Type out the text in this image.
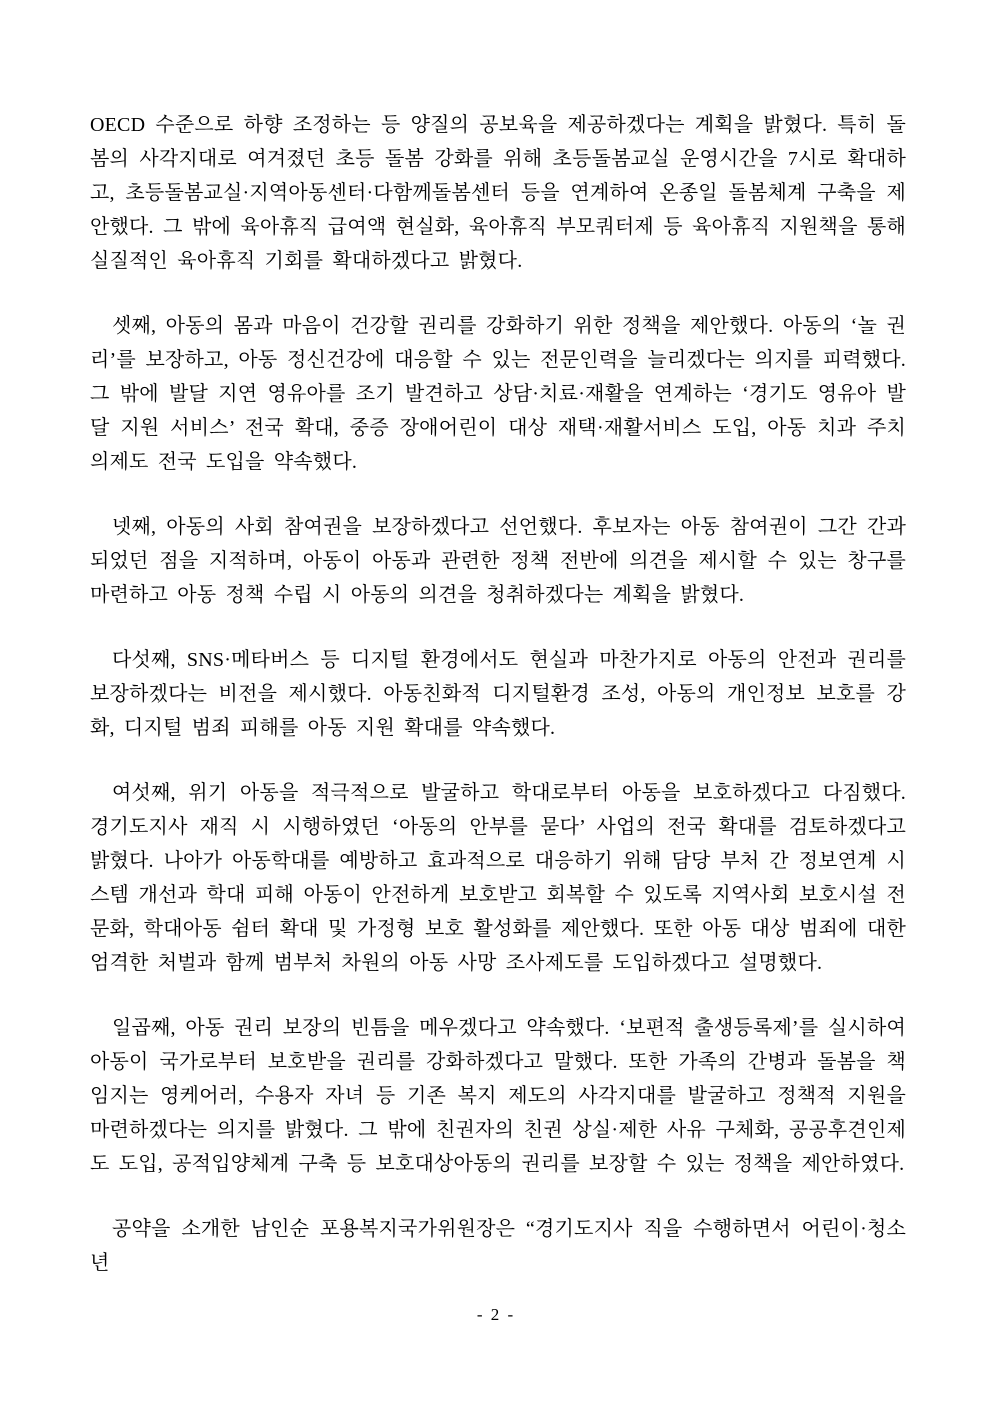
OECD 수준으로 하향 조정하는 등 양질의 공보육을 제공하겠다는 계획을 밝혔다. 특히 돌봄의 사각지대로 여겨졌던 초등 돌봄 강화를 위해 초등돌봄교실 운영시간을 7시로 확대하고, 초등돌봄교실·지역아동센터·다함께돌봄센터 등을 연계하여 온종일 돌봄체계 구축을 제안했다. 그 밖에 육아휴직 급여액 현실화, 육아휴직 부모쿼터제 등 육아휴직 지원책을 통해 실질적인 육아휴직 기회를 확대하겠다고 밝혔다.

셋째, 아동의 몸과 마음이 건강할 권리를 강화하기 위한 정책을 제안했다. 아동의 ‘놀 권리’를 보장하고, 아동 정신건강에 대응할 수 있는 전문인력을 늘리겠다는 의지를 피력했다. 그 밖에 발달 지연 영유아를 조기 발견하고 상담·치료·재활을 연계하는 ‘경기도 영유아 발달 지원 서비스’ 전국 확대, 중증 장애어린이 대상 재택·재활서비스 도입, 아동 치과 주치의제도 전국 도입을 약속했다.

넷째, 아동의 사회 참여권을 보장하겠다고 선언했다. 후보자는 아동 참여권이 그간 간과되었던 점을 지적하며, 아동이 아동과 관련한 정책 전반에 의견을 제시할 수 있는 창구를 마련하고 아동 정책 수립 시 아동의 의견을 청취하겠다는 계획을 밝혔다.

다섯째, SNS·메타버스 등 디지털 환경에서도 현실과 마찬가지로 아동의 안전과 권리를 보장하겠다는 비전을 제시했다. 아동친화적 디지털환경 조성, 아동의 개인정보 보호를 강화, 디지털 범죄 피해를 아동 지원 확대를 약속했다.

여섯째, 위기 아동을 적극적으로 발굴하고 학대로부터 아동을 보호하겠다고 다짐했다. 경기도지사 재직 시 시행하였던 ‘아동의 안부를 묻다’ 사업의 전국 확대를 검토하겠다고 밝혔다. 나아가 아동학대를 예방하고 효과적으로 대응하기 위해 담당 부처 간 정보연계 시스템 개선과 학대 피해 아동이 안전하게 보호받고 회복할 수 있도록 지역사회 보호시설 전문화, 학대아동 쉼터 확대 및 가정형 보호 활성화를 제안했다. 또한 아동 대상 범죄에 대한 엄격한 처벌과 함께 범부처 차원의 아동 사망 조사제도를 도입하겠다고 설명했다.

일곱째, 아동 권리 보장의 빈틈을 메우겠다고 약속했다. ‘보편적 출생등록제’를 실시하여 아동이 국가로부터 보호받을 권리를 강화하겠다고 말했다. 또한 가족의 간병과 돌봄을 책임지는 영케어러, 수용자 자녀 등 기존 복지 제도의 사각지대를 발굴하고 정책적 지원을 마련하겠다는 의지를 밝혔다. 그 밖에 친권자의 친권 상실·제한 사유 구체화, 공공후견인제도 도입, 공적입양체계 구축 등 보호대상아동의 권리를 보장할 수 있는 정책을 제안하였다.

공약을 소개한 남인순 포용복지국가위원장은 “경기도지사 직을 수행하면서 어린이·청소년

- 2 -
